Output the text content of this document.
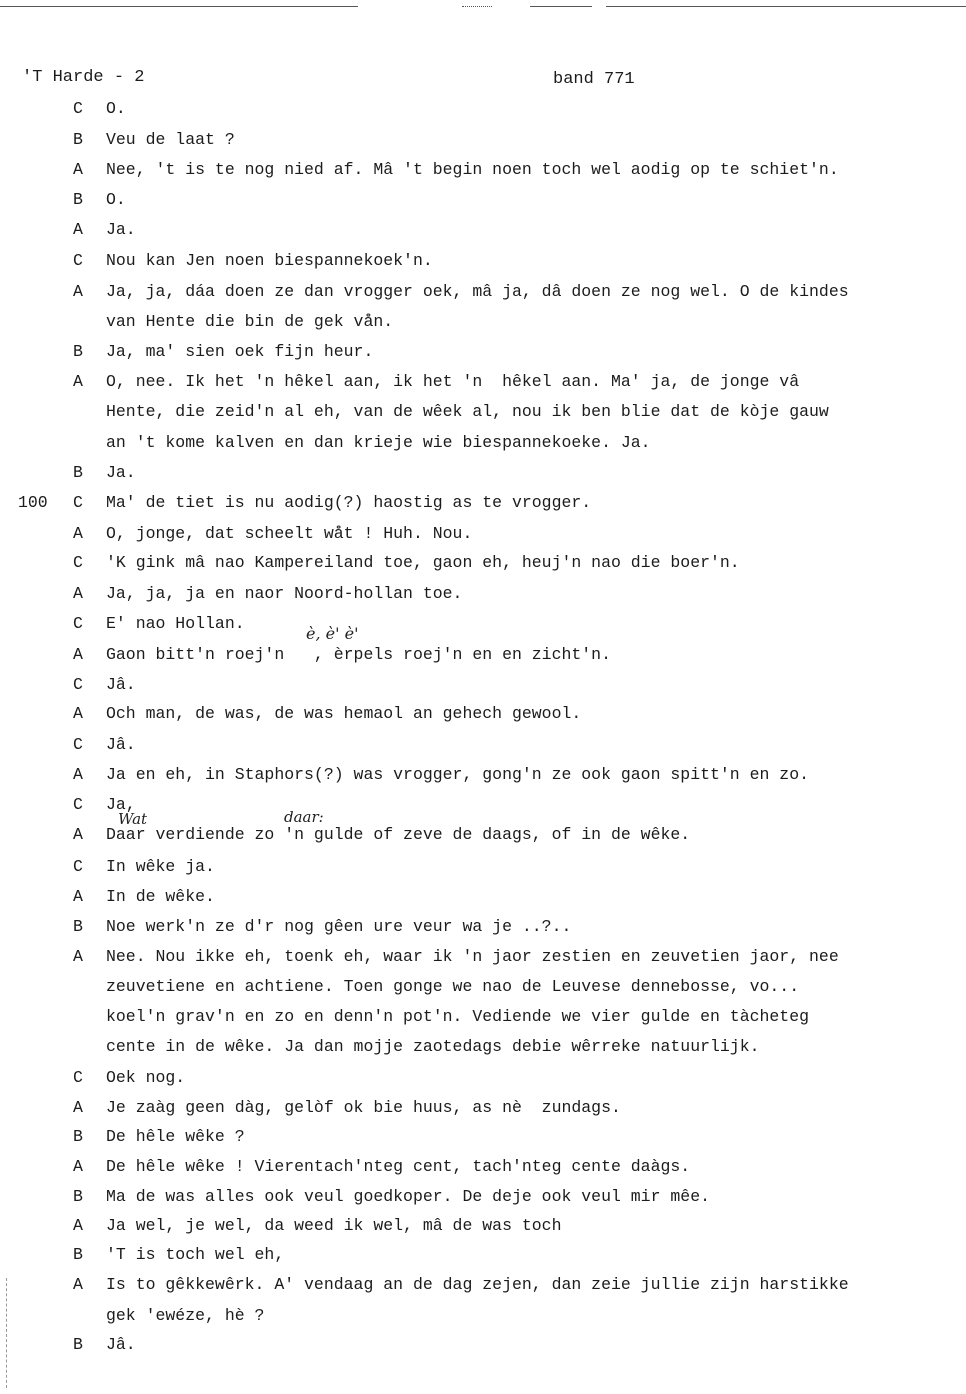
'T Harde - 2	band 771
C O.
B Veu de laat ?
A Nee, 't is te nog nied af. Mâ 't begin noen toch wel aodig op te schiet'n.
B O.
A Ja.
C Nou kan Jen noen biespannekoek'n.
A Ja, ja, dáa doen ze dan vrogger oek, mâ ja, dâ doen ze nog wel. O de kindes
van Hente die bin de gek vån.
B Ja, ma' sien oek fijn heur.
A O, nee. Ik het 'n hêkel aan, ik het 'n  hêkel aan. Ma' ja, de jonge vâ
Hente, die zeid'n al eh, van de wêek al, nou ik ben blie dat de kòje gauw
an 't kome kalven en dan krieje wie biespannekoeke. Ja.
B Ja.
100 C Ma' de tiet is nu aodig(?) haostig as te vrogger.
A O, jonge, dat scheelt wåt ! Huh. Nou.
C 'K gink mâ nao Kampereiland toe, gaon eh, heuj'n nao die boer'n.
A Ja, ja, ja en naor Noord-hollan toe.
C E' nao Hollan.
A Gaon bitt'n roej'n   , èrpels roej'n en en zicht'n.
C Jâ.
A Och man, de was, de was hemaol an gehech gewool.
C Jâ.
A Ja en eh, in Staphors(?) was vrogger, gong'n ze ook gaon spitt'n en zo.
C Ja,
A Daar verdiende zo 'n gulde of zeve de daags, of in de wêke.
C In wêke ja.
A In de wêke.
B Noe werk'n ze d'r nog gêen ure veur wa je ..?..
A Nee. Nou ikke eh, toenk eh, waar ik 'n jaor zestien en zeuvetien jaor, nee
zeuvetiene en achtiene. Toen gonge we nao de Leuvese dennebosse, vo...
koel'n grav'n en zo en denn'n pot'n. Vediende we vier gulde en tàcheteg
cente in de wêke. Ja dan mojje zaotedags debie wêrreke natuurlijk.
C Oek nog.
A Je zaàg geen dàg, gelòf ok bie huus, as nè  zundags.
B De hêle wêke ?
A De hêle wêke ! Vierentach'nteg cent, tach'nteg cente daàgs.
B Ma de was alles ook veul goedkoper. De deje ook veul mir mêe.
A Ja wel, je wel, da weed ik wel, mâ de was toch
B 'T is toch wel eh,
A Is to gêkkewêrk. A' vendaag an de dag zejen, dan zeie jullie zijn harstikke
gek 'ewéze, hè ?
B Jâ.
è, è' è'
Wat	daar:
